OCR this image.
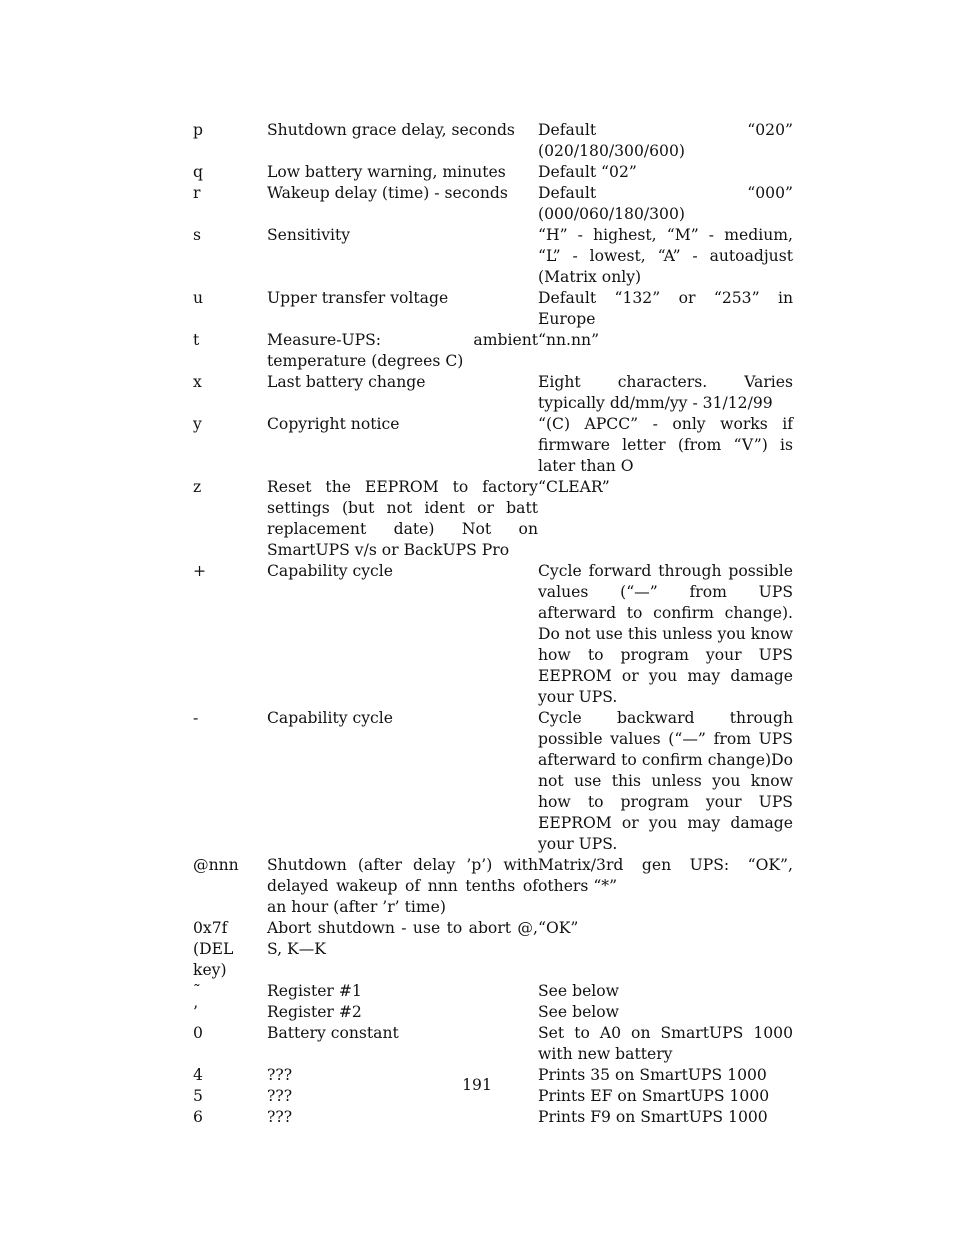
p	Shutdown grace delay, seconds	Default “020” (020/180/300/600)
q	Low battery warning, minutes	Default “02”
r	Wakeup delay (time) - seconds	Default “000” (000/060/180/300)
s	Sensitivity	“H” - highest, “M” - medium, “L” - lowest, “A” - autoadjust (Matrix only)
u	Upper transfer voltage	Default “132” or “253” in Europe
t	Measure-UPS: ambient temperature (degrees C)	“nn.nn”
x	Last battery change	Eight characters. Varies typically dd/mm/yy - 31/12/99
y	Copyright notice	“(C) APCC” - only works if firmware letter (from “V”) is later than O
z	Reset the EEPROM to factory settings (but not ident or batt replacement date) Not on SmartUPS v/s or BackUPS Pro	“CLEAR”
+	Capability cycle	Cycle forward through possible values (“—” from UPS afterward to confirm change). Do not use this unless you know how to program your UPS EEPROM or you may damage your UPS.
-	Capability cycle	Cycle backward through possible values (“—” from UPS afterward to confirm change)Do not use this unless you know how to program your UPS EEPROM or you may damage your UPS.
@nnn	Shutdown (after delay ’p’) with delayed wakeup of nnn tenths of an hour (after ’r’ time)	Matrix/3rd gen UPS: “OK”, others “*”
0x7f (DEL key)	Abort shutdown - use to abort @, S, K—K	“OK”
˜	Register #1	See below
’	Register #2	See below
0	Battery constant	Set to A0 on SmartUPS 1000 with new battery
4	???	Prints 35 on SmartUPS 1000
5	???	Prints EF on SmartUPS 1000
6	???	Prints F9 on SmartUPS 1000
191
